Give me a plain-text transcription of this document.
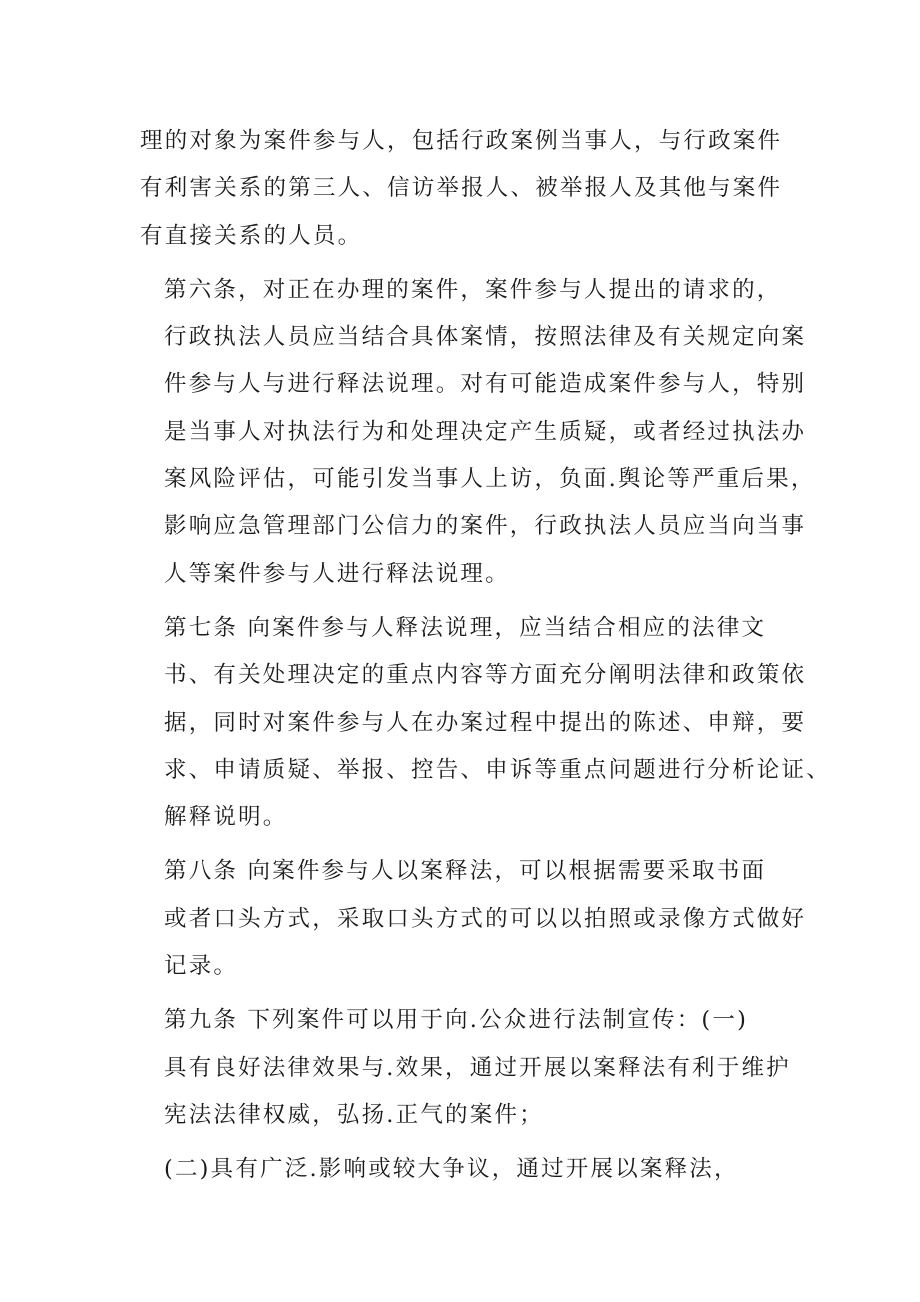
理的对象为案件参与人，包括行政案例当事人，与行政案件
有利害关系的第三人、信访举报人、被举报人及其他与案件
有直接关系的人员。

第六条，对正在办理的案件，案件参与人提出的请求的，
行政执法人员应当结合具体案情，按照法律及有关规定向案
件参与人与进行释法说理。对有可能造成案件参与人，特别
是当事人对执法行为和处理决定产生质疑，或者经过执法办
案风险评估，可能引发当事人上访，负面.舆论等严重后果，
影响应急管理部门公信力的案件，行政执法人员应当向当事
人等案件参与人进行释法说理。

第七条 向案件参与人释法说理，应当结合相应的法律文
书、有关处理决定的重点内容等方面充分阐明法律和政策依
据，同时对案件参与人在办案过程中提出的陈述、申辩，要
求、申请质疑、举报、控告、申诉等重点问题进行分析论证、
解释说明。

第八条 向案件参与人以案释法，可以根据需要采取书面
或者口头方式，采取口头方式的可以以拍照或录像方式做好
记录。

第九条 下列案件可以用于向.公众进行法制宣传：(一)
具有良好法律效果与.效果，通过开展以案释法有利于维护
宪法法律权威，弘扬.正气的案件；

(二)具有广泛.影响或较大争议，通过开展以案释法，
